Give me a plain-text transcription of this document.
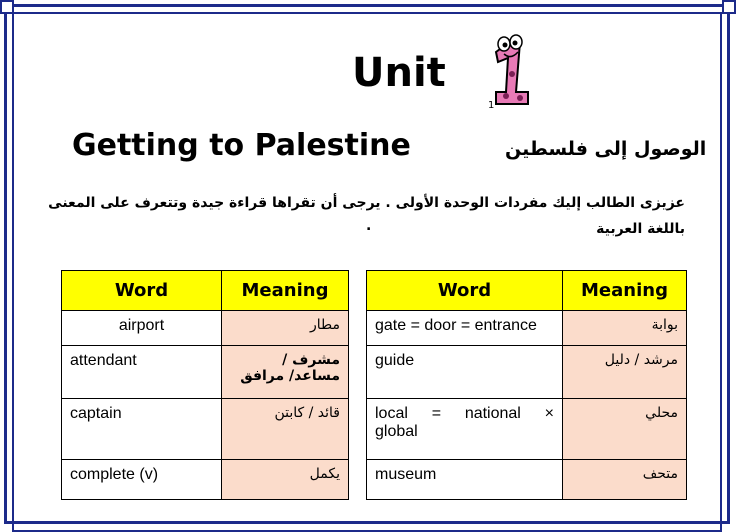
Unit
1
Getting to Palestine	الوصول إلى فلسطين
عزيزى الطالب إليك مفردات الوحدة الأولى . يرجى أن تقراها قراءة جيدة وتتعرف على المعنى باللغة العربية
.
Word	Meaning
airport	مطار
attendant	مشرف / مساعد/ مرافق
captain	قائد / كابتن
complete (v)	يكمل
Word	Meaning
gate = door = entrance	بوابة
guide	مرشد / دليل

local = national ×
global	محلي
museum	متحف
